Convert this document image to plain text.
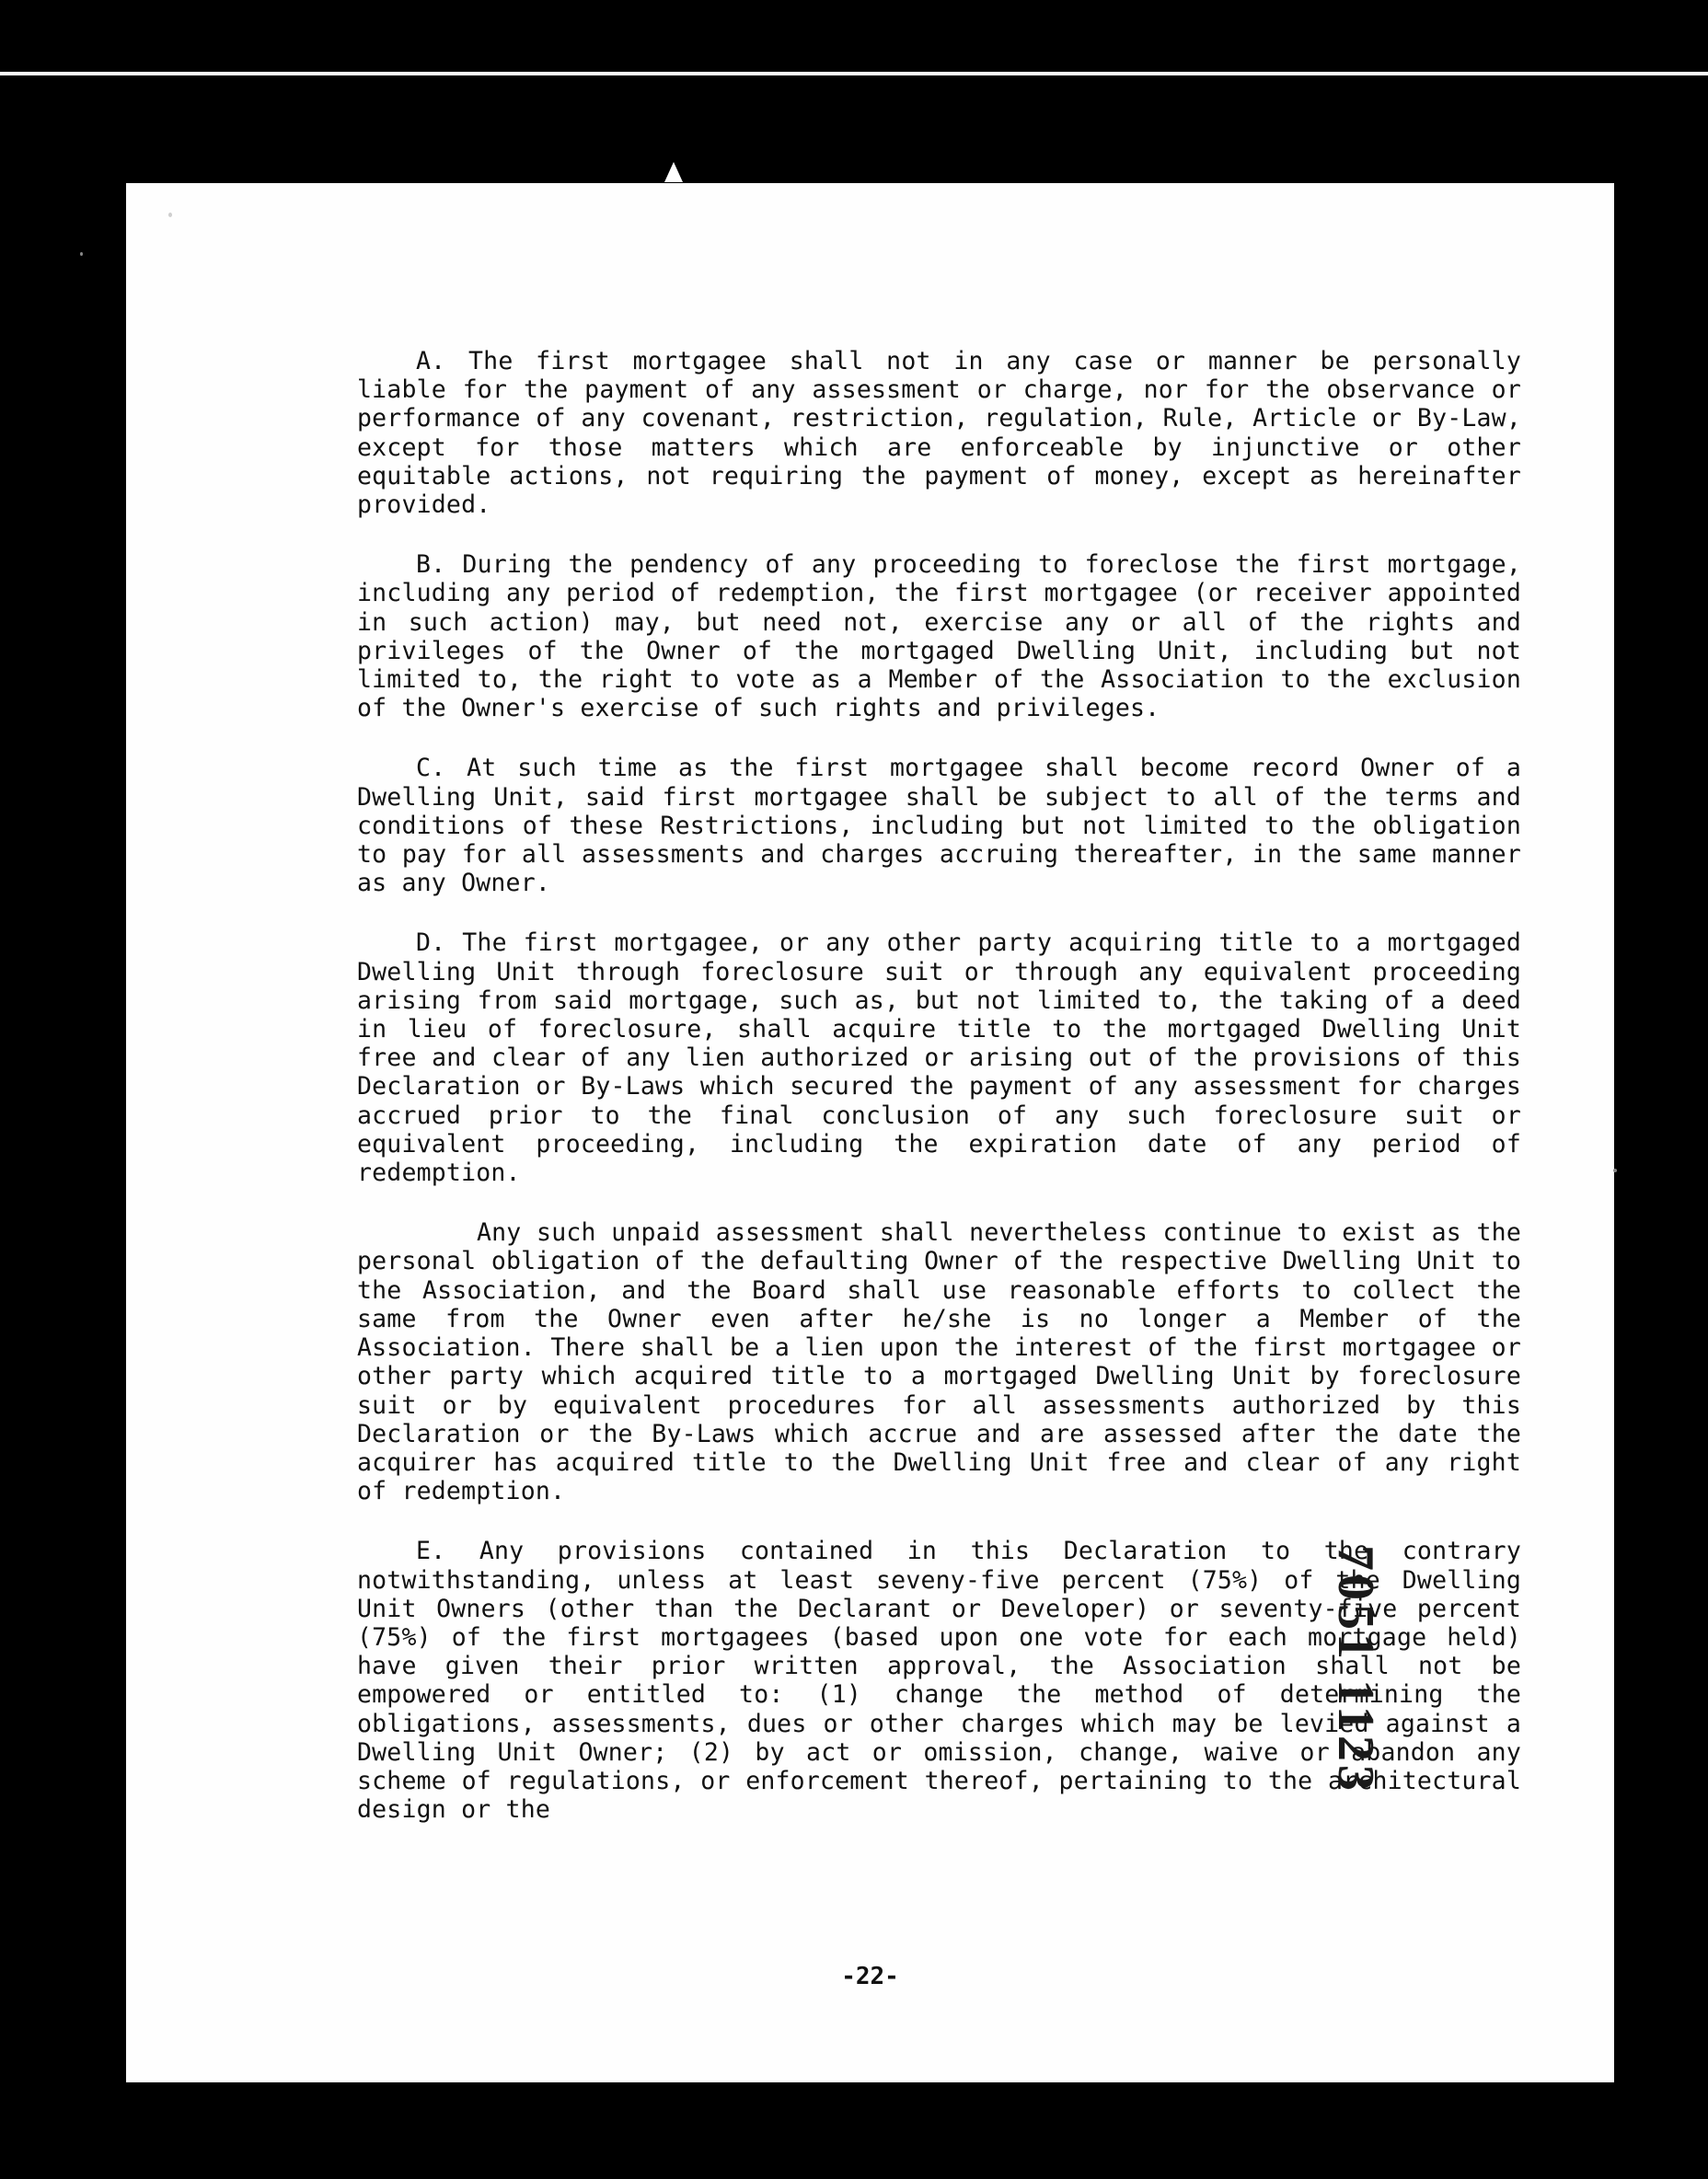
A. The first mortgagee shall not in any case or manner be personally liable for the payment of any assessment or charge, nor for the observance or performance of any covenant, restriction, regulation, Rule, Article or By-Law, except for those matters which are enforceable by injunctive or other equitable actions, not requiring the payment of money, except as hereinafter provided.

B. During the pendency of any proceeding to foreclose the first mortgage, including any period of redemption, the first mortgagee (or receiver appointed in such action) may, but need not, exercise any or all of the rights and privileges of the Owner of the mortgaged Dwelling Unit, including but not limited to, the right to vote as a Member of the Association to the exclusion of the Owner's exercise of such rights and privileges.

C. At such time as the first mortgagee shall become record Owner of a Dwelling Unit, said first mortgagee shall be subject to all of the terms and conditions of these Restrictions, including but not limited to the obligation to pay for all assessments and charges accruing thereafter, in the same manner as any Owner.

D. The first mortgagee, or any other party acquiring title to a mortgaged Dwelling Unit through foreclosure suit or through any equivalent proceeding arising from said mortgage, such as, but not limited to, the taking of a deed in lieu of foreclosure, shall acquire title to the mortgaged Dwelling Unit free and clear of any lien authorized or arising out of the provisions of this Declaration or By-Laws which secured the payment of any assessment for charges accrued prior to the final conclusion of any such foreclosure suit or equivalent proceeding, including the expiration date of any period of redemption.

Any such unpaid assessment shall nevertheless continue to exist as the personal obligation of the defaulting Owner of the respective Dwelling Unit to the Association, and the Board shall use reasonable efforts to collect the same from the Owner even after he/she is no longer a Member of the Association. There shall be a lien upon the interest of the first mortgagee or other party which acquired title to a mortgaged Dwelling Unit by foreclosure suit or by equivalent procedures for all assessments authorized by this Declaration or the By-Laws which accrue and are assessed after the date the acquirer has acquired title to the Dwelling Unit free and clear of any right of redemption.

E. Any provisions contained in this Declaration to the contrary notwithstanding, unless at least seveny-five percent (75%) of the Dwelling Unit Owners (other than the Declarant or Developer) or seventy-five percent (75%) of the first mortgagees (based upon one vote for each mortgage held) have given their prior written approval, the Association shall not be empowered or entitled to: (1) change the method of determining the obligations, assessments, dues or other charges which may be levied against a Dwelling Unit Owner; (2) by act or omission, change, waive or abandon any scheme of regulations, or enforcement thereof, pertaining to the architectural design or the

-22-
7051 1123
